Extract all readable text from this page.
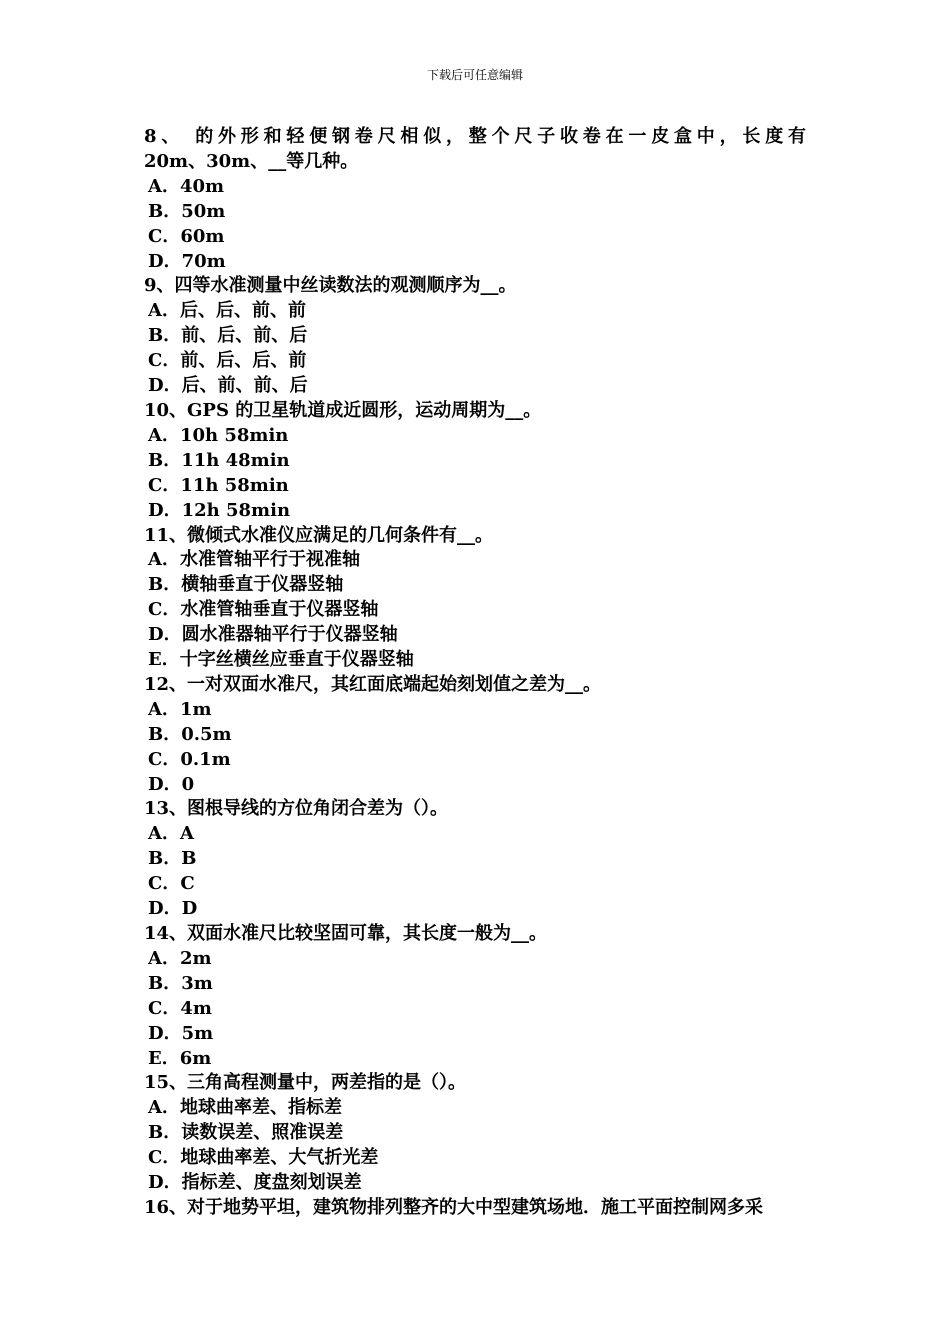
下载后可任意编辑
8、 的外形和轻便钢卷尺相似，整个尺子收卷在一皮盒中，长度有
20m、30m、__等几种。
A．40m
B．50m
C．60m
D．70m
9、四等水准测量中丝读数法的观测顺序为__。
A．后、后、前、前
B．前、后、前、后
C．前、后、后、前
D．后、前、前、后
10、GPS 的卫星轨道成近圆形，运动周期为__。
A．10h 58min
B．11h 48min
C．11h 58min
D．12h 58min
11、微倾式水准仪应满足的几何条件有__。
A．水准管轴平行于视准轴
B．横轴垂直于仪器竖轴
C．水准管轴垂直于仪器竖轴
D．圆水准器轴平行于仪器竖轴
E．十字丝横丝应垂直于仪器竖轴
12、一对双面水准尺，其红面底端起始刻划值之差为__。
A．1m
B．0.5m
C．0.1m
D．0
13、图根导线的方位角闭合差为（）。
A．A
B．B
C．C
D．D
14、双面水准尺比较坚固可靠，其长度一般为__。
A．2m
B．3m
C．4m
D．5m
E．6m
15、三角高程测量中，两差指的是（）。
A．地球曲率差、指标差
B．读数误差、照准误差
C．地球曲率差、大气折光差
D．指标差、度盘刻划误差
16、对于地势平坦，建筑物排列整齐的大中型建筑场地．施工平面控制网多采
